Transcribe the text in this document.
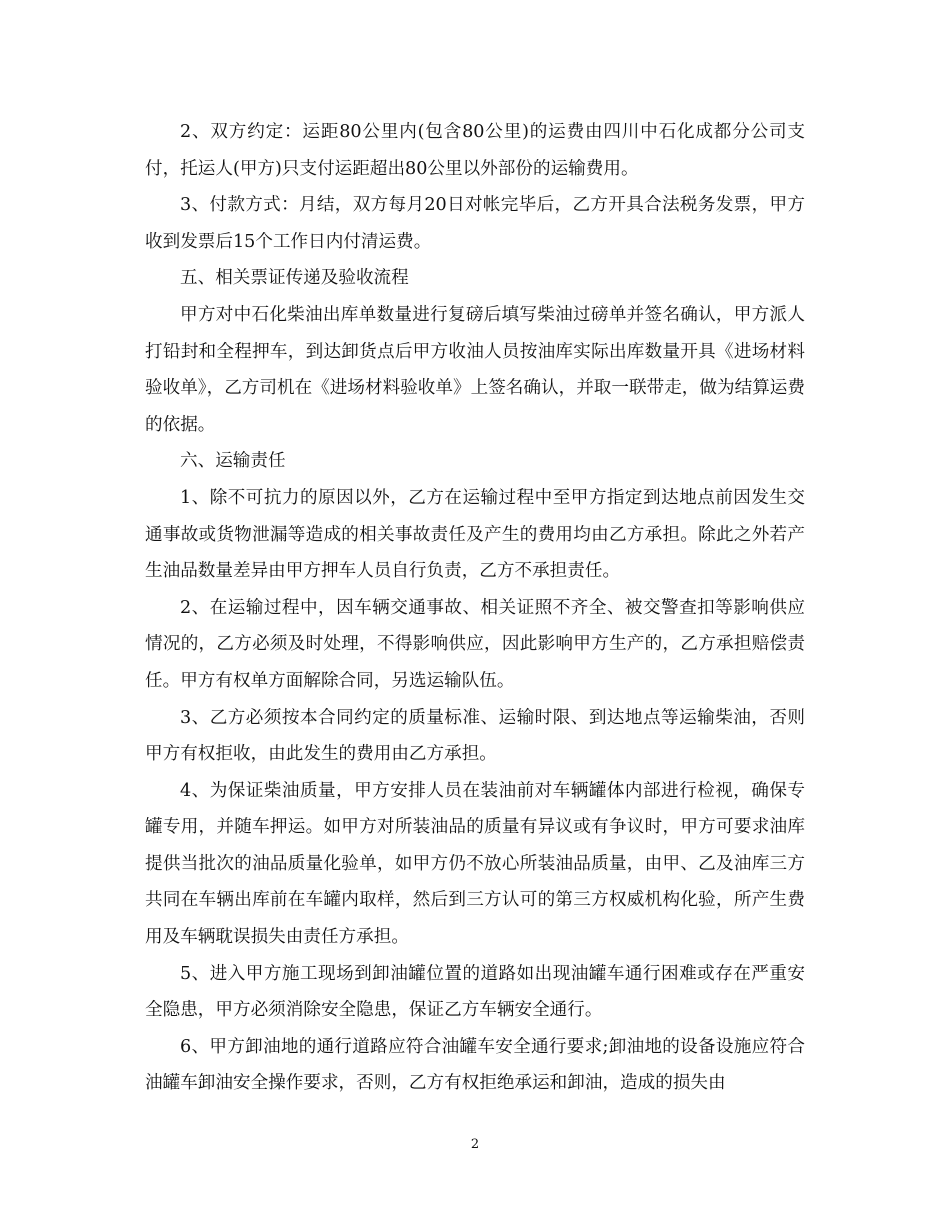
2、双方约定：运距80公里内(包含80公里)的运费由四川中石化成都分公司支付，托运人(甲方)只支付运距超出80公里以外部份的运输费用。

3、付款方式：月结，双方每月20日对帐完毕后，乙方开具合法税务发票，甲方收到发票后15个工作日内付清运费。

五、相关票证传递及验收流程

甲方对中石化柴油出库单数量进行复磅后填写柴油过磅单并签名确认，甲方派人打铅封和全程押车，到达卸货点后甲方收油人员按油库实际出库数量开具《进场材料验收单》，乙方司机在《进场材料验收单》上签名确认，并取一联带走，做为结算运费的依据。

六、运输责任

1、除不可抗力的原因以外，乙方在运输过程中至甲方指定到达地点前因发生交通事故或货物泄漏等造成的相关事故责任及产生的费用均由乙方承担。除此之外若产生油品数量差异由甲方押车人员自行负责，乙方不承担责任。

2、在运输过程中，因车辆交通事故、相关证照不齐全、被交警查扣等影响供应情况的，乙方必须及时处理，不得影响供应，因此影响甲方生产的，乙方承担赔偿责任。甲方有权单方面解除合同，另选运输队伍。

3、乙方必须按本合同约定的质量标准、运输时限、到达地点等运输柴油，否则甲方有权拒收，由此发生的费用由乙方承担。

4、为保证柴油质量，甲方安排人员在装油前对车辆罐体内部进行检视，确保专罐专用，并随车押运。如甲方对所装油品的质量有异议或有争议时，甲方可要求油库提供当批次的油品质量化验单，如甲方仍不放心所装油品质量，由甲、乙及油库三方共同在车辆出库前在车罐内取样，然后到三方认可的第三方权威机构化验，所产生费用及车辆耽误损失由责任方承担。

5、进入甲方施工现场到卸油罐位置的道路如出现油罐车通行困难或存在严重安全隐患，甲方必须消除安全隐患，保证乙方车辆安全通行。

6、甲方卸油地的通行道路应符合油罐车安全通行要求;卸油地的设备设施应符合油罐车卸油安全操作要求，否则，乙方有权拒绝承运和卸油，造成的损失由

2
